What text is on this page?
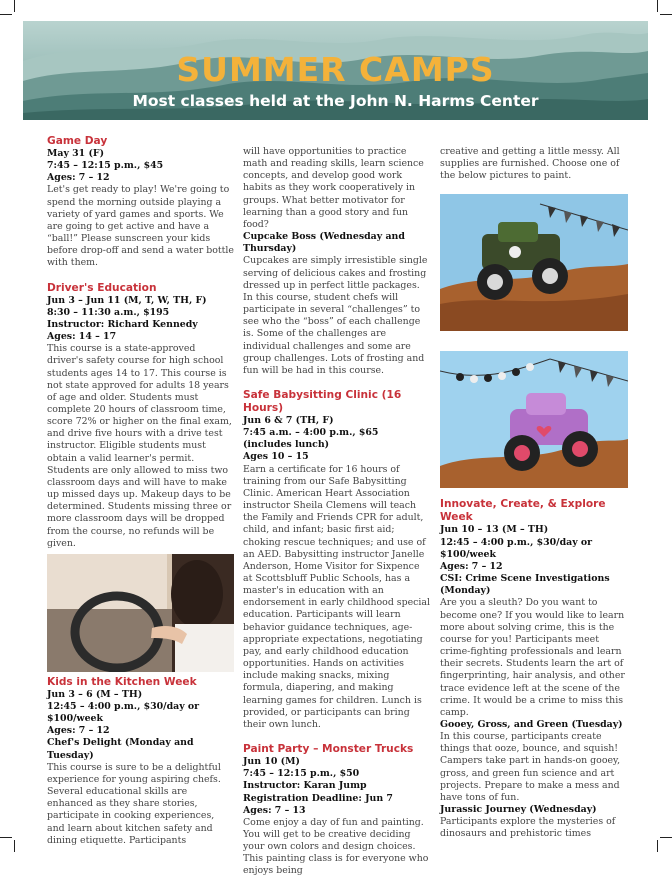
SUMMER CAMPS
Most classes held at the John N. Harms Center

Game Day

May 31 (F)

7:45 – 12:15 p.m., $45

Ages: 7 – 12

Let's get ready to play! We're going to spend the morning outside playing a variety of yard games and sports. We are going to get active and have a “ball!” Please sunscreen your kids before drop-off and send a water bottle with them.

Driver's Education

Jun 3 – Jun 11 (M, T, W, TH, F)

8:30 – 11:30 a.m., $195

Instructor: Richard Kennedy

Ages: 14 – 17

This course is a state-approved driver's safety course for high school students ages 14 to 17. This course is not state approved for adults 18 years of age and older. Students must complete 20 hours of classroom time, score 72% or higher on the final exam, and drive five hours with a drive test instructor. Eligible students must obtain a valid learner's permit. Students are only allowed to miss two classroom days and will have to make up missed days up. Makeup days to be determined. Students missing three or more classroom days will be dropped from the course, no refunds will be given.

Kids in the Kitchen Week

Jun 3 – 6 (M – TH)

12:45 – 4:00 p.m., $30/day or $100/week

Ages: 7 – 12

Chef's Delight (Monday and Tuesday)

This course is sure to be a delightful experience for young aspiring chefs. Several educational skills are enhanced as they share stories, participate in cooking experiences, and learn about kitchen safety and dining etiquette. Participants

will have opportunities to practice math and reading skills, learn science concepts, and develop good work habits as they work cooperatively in groups. What better motivator for learning than a good story and fun food?

Cupcake Boss (Wednesday and Thursday)

Cupcakes are simply irresistible single serving of delicious cakes and frosting dressed up in perfect little packages. In this course, student chefs will participate in several “challenges” to see who the “boss” of each challenge is. Some of the challenges are individual challenges and some are group challenges. Lots of frosting and fun will be had in this course.

Safe Babysitting Clinic (16 Hours)

Jun 6 & 7 (TH, F)

7:45 a.m. – 4:00 p.m., $65

(includes lunch)

Ages 10 – 15

Earn a certificate for 16 hours of training from our Safe Babysitting Clinic. American Heart Association instructor Sheila Clemens will teach the Family and Friends CPR for adult, child, and infant; basic first aid; choking rescue techniques; and use of an AED. Babysitting instructor Janelle Anderson, Home Visitor for Sixpence at Scottsbluff Public Schools, has a master's in education with an endorsement in early childhood special education. Participants will learn behavior guidance techniques, age-appropriate expectations, negotiating pay, and early childhood education opportunities. Hands on activities include making snacks, mixing formula, diapering, and making learning games for children. Lunch is provided, or participants can bring their own lunch.

Paint Party – Monster Trucks

Jun 10 (M)

7:45 – 12:15 p.m., $50

Instructor: Karan Jump

Registration Deadline: Jun 7

Ages: 7 – 13

Come enjoy a day of fun and painting. You will get to be creative deciding your own colors and design choices. This painting class is for everyone who enjoys being

creative and getting a little messy. All supplies are furnished. Choose one of the below pictures to paint.

Innovate, Create, & Explore Week

Jun 10 – 13 (M – TH)

12:45 – 4:00 p.m., $30/day or $100/week

Ages: 7 – 12

CSI: Crime Scene Investigations (Monday)

Are you a sleuth? Do you want to become one? If you would like to learn more about solving crime, this is the course for you! Participants meet crime-fighting professionals and learn their secrets. Students learn the art of fingerprinting, hair analysis, and other trace evidence left at the scene of the crime. It would be a crime to miss this camp.

Gooey, Gross, and Green (Tuesday)

In this course, participants create things that ooze, bounce, and squish! Campers take part in hands-on gooey, gross, and green fun science and art projects. Prepare to make a mess and have tons of fun.

Jurassic Journey (Wednesday)

Participants explore the mysteries of dinosaurs and prehistoric times
